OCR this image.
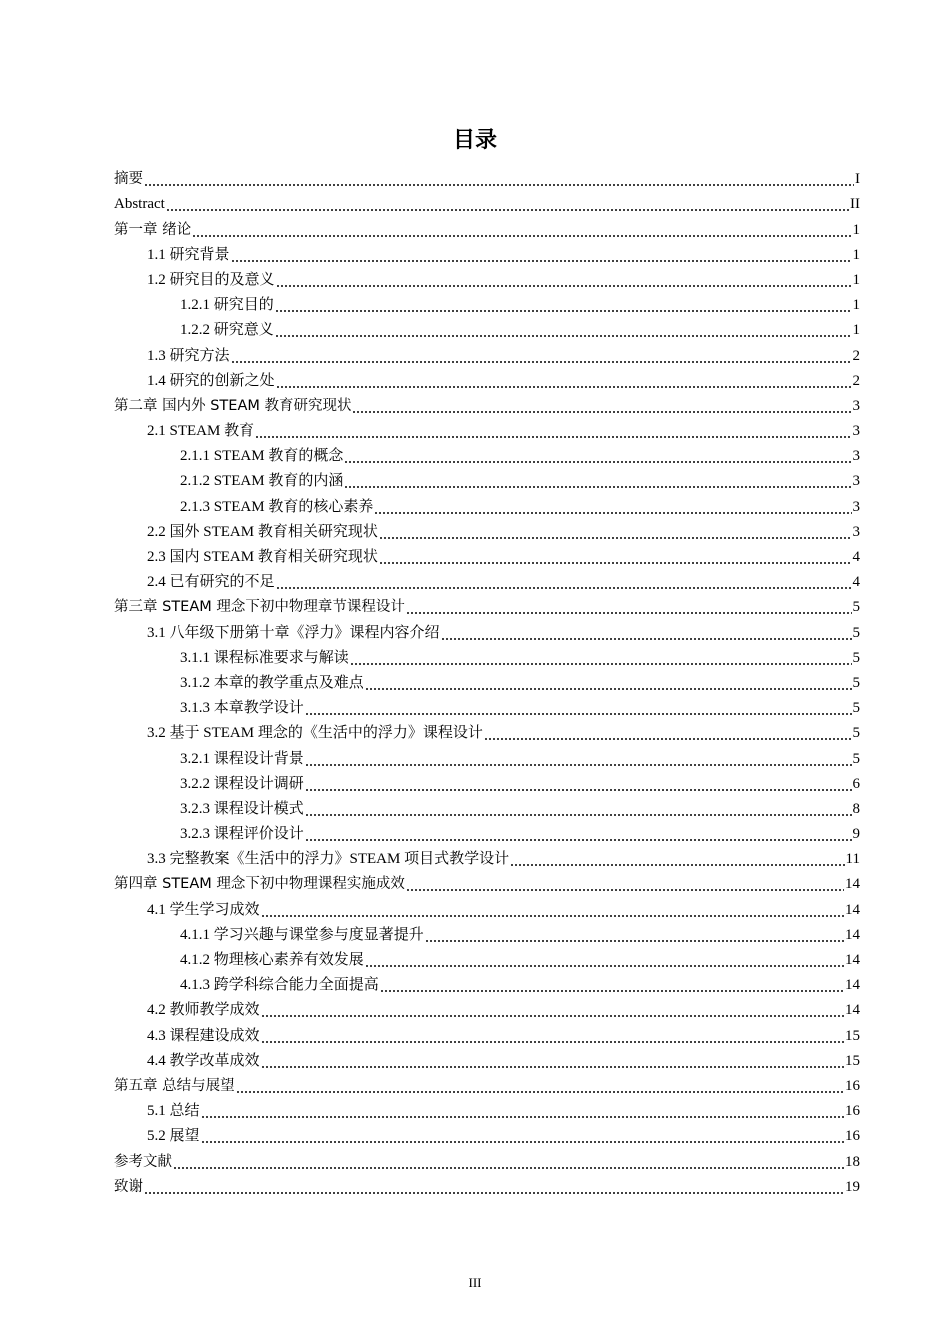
目录
摘要	I
Abstract	II
第一章 绪论	1
1.1 研究背景	1
1.2 研究目的及意义	1
1.2.1 研究目的	1
1.2.2 研究意义	1
1.3 研究方法	2
1.4 研究的创新之处	2
第二章 国内外 STEAM 教育研究现状	3
2.1 STEAM 教育	3
2.1.1 STEAM 教育的概念	3
2.1.2 STEAM 教育的内涵	3
2.1.3 STEAM 教育的核心素养	3
2.2 国外 STEAM 教育相关研究现状	3
2.3 国内 STEAM 教育相关研究现状	4
2.4 已有研究的不足	4
第三章 STEAM 理念下初中物理章节课程设计	5
3.1 八年级下册第十章《浮力》课程内容介绍	5
3.1.1 课程标准要求与解读	5
3.1.2 本章的教学重点及难点	5
3.1.3 本章教学设计	5
3.2 基于 STEAM 理念的《生活中的浮力》课程设计	5
3.2.1 课程设计背景	5
3.2.2 课程设计调研	6
3.2.3 课程设计模式	8
3.2.3 课程评价设计	9
3.3 完整教案《生活中的浮力》STEAM 项目式教学设计	11
第四章 STEAM 理念下初中物理课程实施成效	14
4.1 学生学习成效	14
4.1.1 学习兴趣与课堂参与度显著提升	14
4.1.2 物理核心素养有效发展	14
4.1.3 跨学科综合能力全面提高	14
4.2 教师教学成效	14
4.3 课程建设成效	15
4.4 教学改革成效	15
第五章 总结与展望	16
5.1 总结	16
5.2 展望	16
参考文献	18
致谢	19
III
